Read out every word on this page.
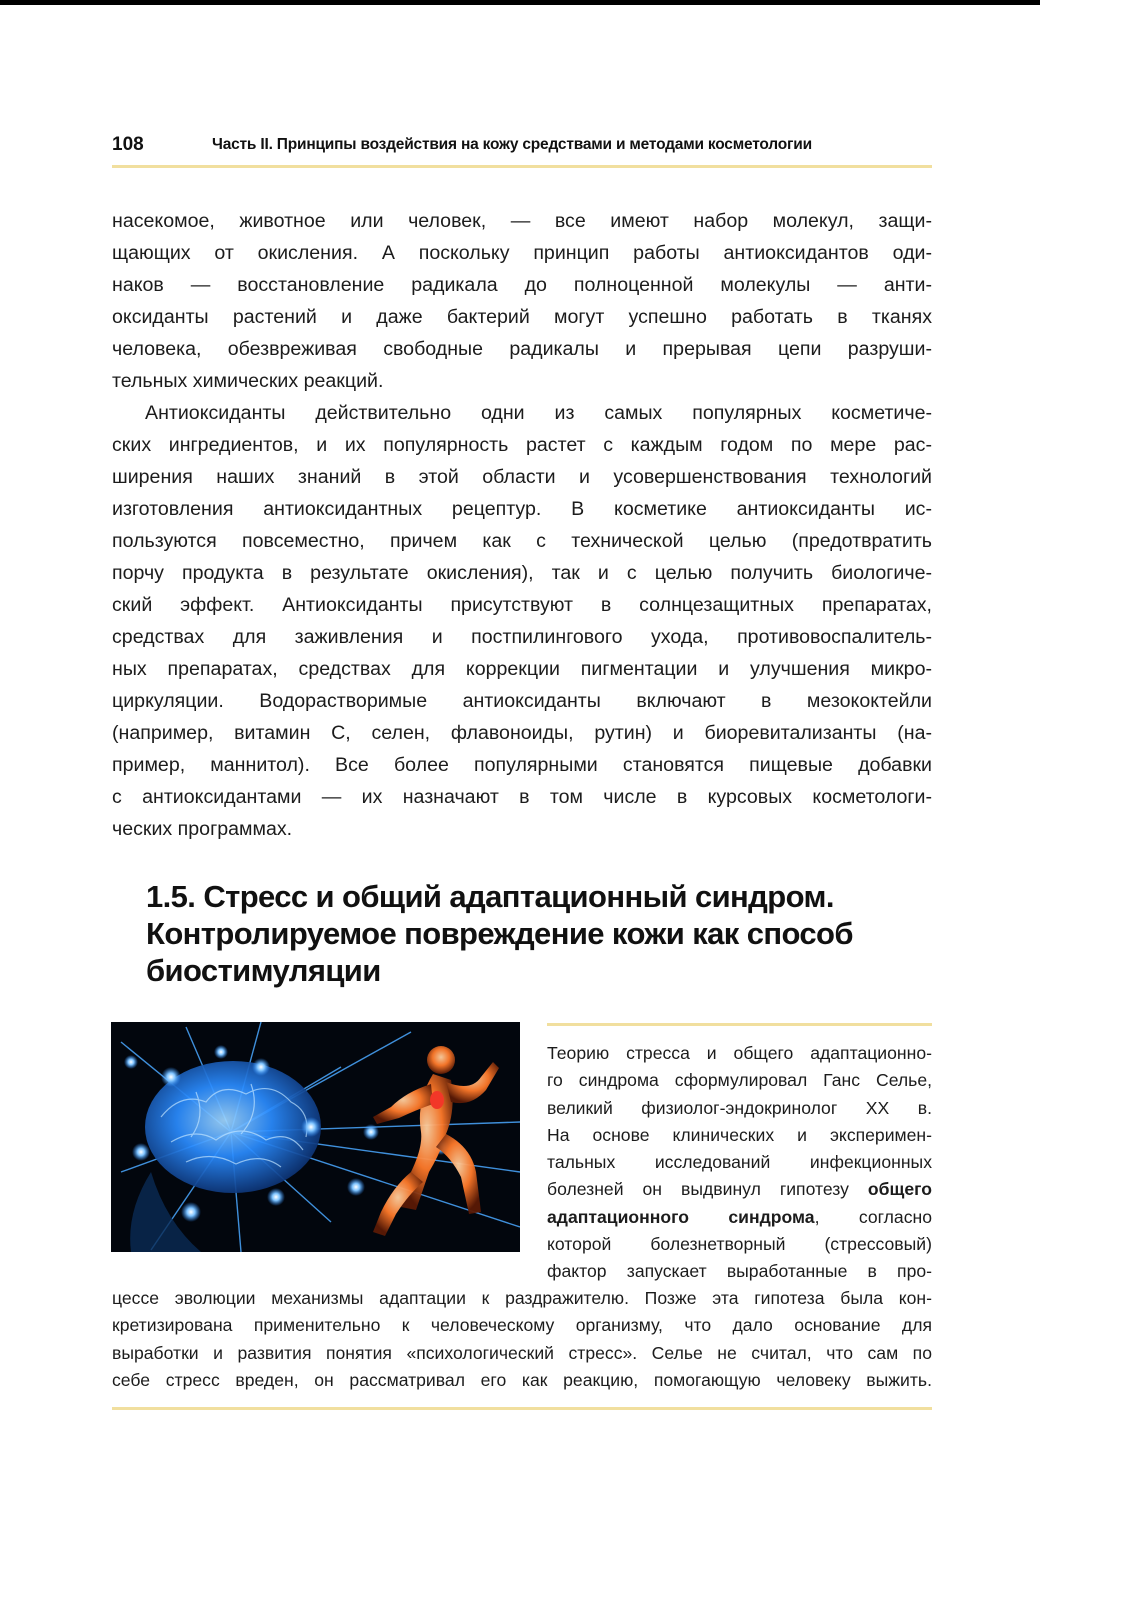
108	Часть II. Принципы воздействия на кожу средствами и методами косметологии

насекомое, животное или человек, — все имеют набор молекул, защи-
щающих от окисления. А поскольку принцип работы антиоксидантов оди-
наков — восстановление радикала до полноценной молекулы — анти-
оксиданты растений и даже бактерий могут успешно работать в тканях
человека, обезвреживая свободные радикалы и прерывая цепи разруши-
тельных химических реакций.

Антиоксиданты действительно одни из самых популярных косметиче-
ских ингредиентов, и их популярность растет с каждым годом по мере рас-
ширения наших знаний в этой области и усовершенствования технологий
изготовления антиоксидантных рецептур. В косметике антиоксиданты ис-
пользуются повсеместно, причем как с технической целью (предотвратить
порчу продукта в результате окисления), так и с целью получить биологиче-
ский эффект. Антиоксиданты присутствуют в солнцезащитных препаратах,
средствах для заживления и постпилингового ухода, противовоспалитель-
ных препаратах, средствах для коррекции пигментации и улучшения микро-
циркуляции. Водорастворимые антиоксиданты включают в мезококтейли
(например, витамин С, селен, флавоноиды, рутин) и биоревитализанты (на-
пример, маннитол). Все более популярными становятся пищевые добавки
с антиоксидантами — их назначают в том числе в курсовых косметологи-
ческих программах.

1.5. Стресс и общий адаптационный синдром.
Контролируемое повреждение кожи как способ
биостимуляции
Теорию стресса и общего адаптационно-
го синдрома сформулировал Ганс Селье,
великий физиолог-эндокринолог XX в.
На основе клинических и эксперимен-
тальных исследований инфекционных
болезней он выдвинул гипотезу общего
адаптационного синдрома, согласно
которой болезнетворный (стрессовый)
фактор запускает выработанные в про-
цессе эволюции механизмы адаптации к раздражителю. Позже эта гипотеза была кон-
кретизирована применительно к человеческому организму, что дало основание для
выработки и развития понятия «психологический стресс». Селье не считал, что сам по
себе стресс вреден, он рассматривал его как реакцию, помогающую человеку выжить.
